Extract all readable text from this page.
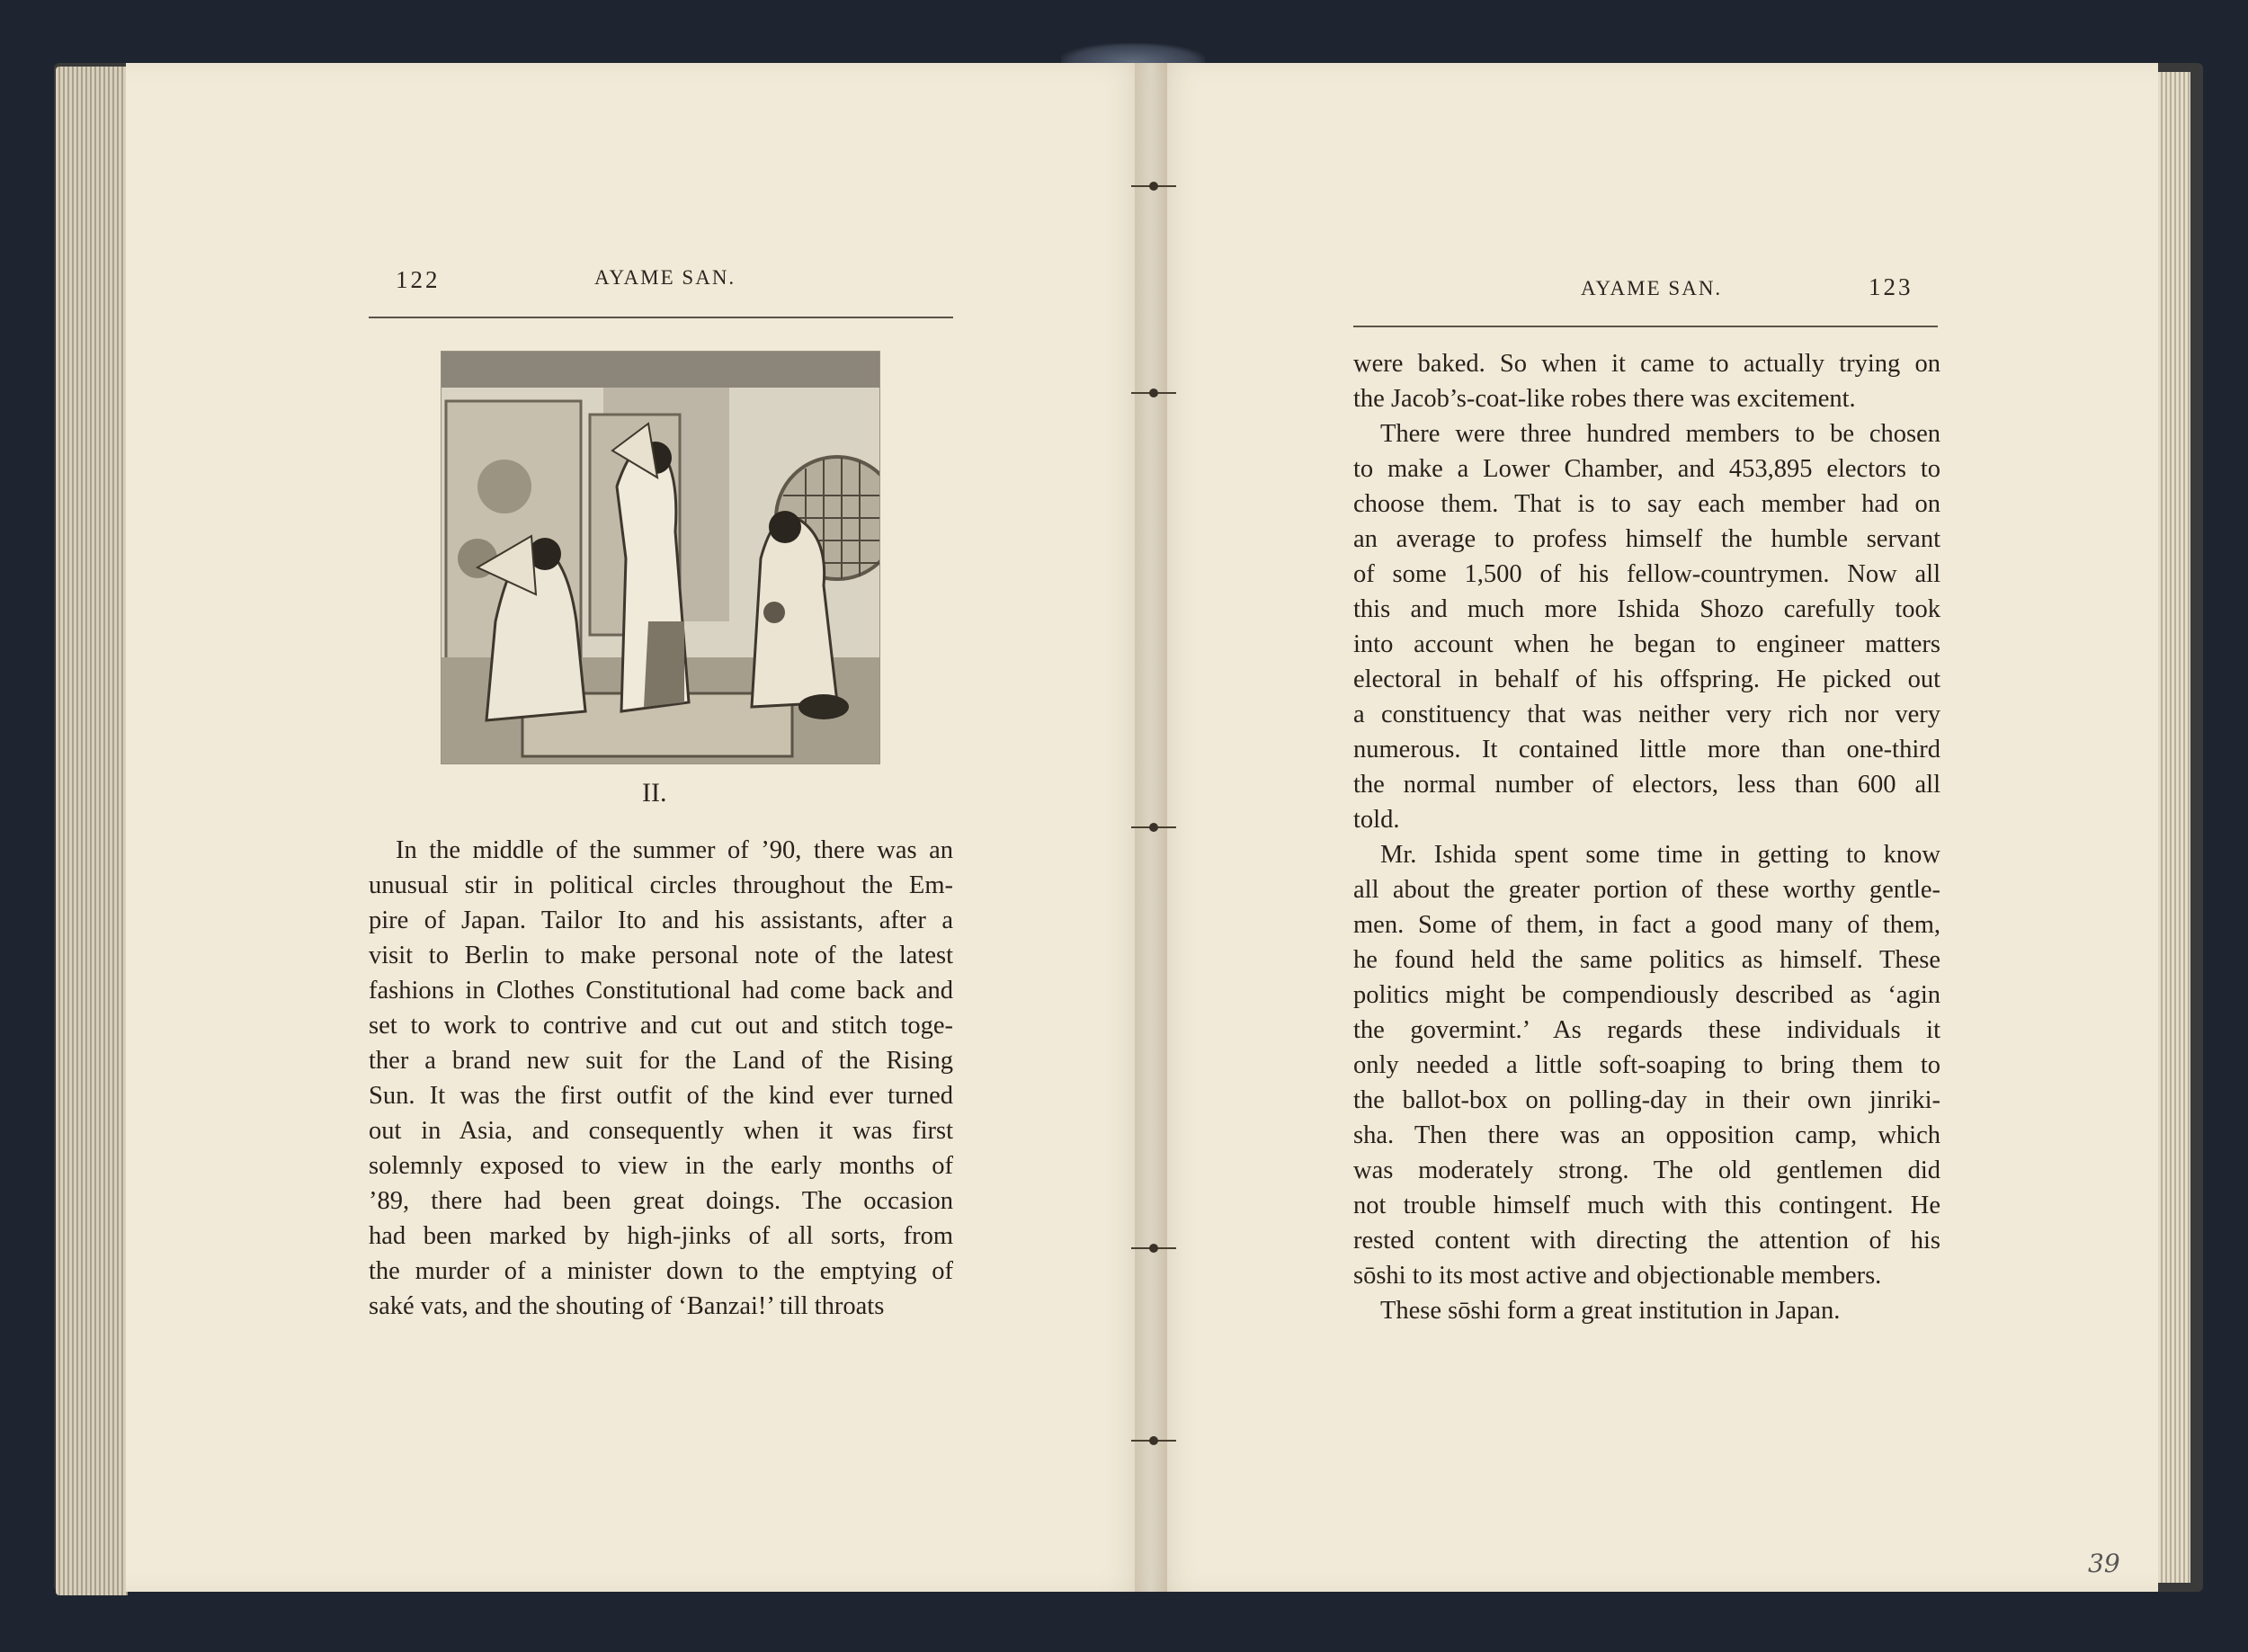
122	AYAME SAN.
II.
In the middle of the summer of ’90, there was an
unusual stir in political circles throughout the Em-
pire of Japan. Tailor Ito and his assistants, after a
visit to Berlin to make personal note of the latest
fashions in Clothes Constitutional had come back and
set to work to contrive and cut out and stitch toge-
ther a brand new suit for the Land of the Rising
Sun. It was the first outfit of the kind ever turned
out in Asia, and consequently when it was first
solemnly exposed to view in the early months of
’89, there had been great doings. The occasion
had been marked by high-jinks of all sorts, from
the murder of a minister down to the emptying of
saké vats, and the shouting of ‘Banzai!’ till throats
AYAME SAN.	123
were baked. So when it came to actually trying on
the Jacob’s-coat-like robes there was excitement.
There were three hundred members to be chosen
to make a Lower Chamber, and 453,895 electors to
choose them. That is to say each member had on
an average to profess himself the humble servant
of some 1,500 of his fellow-countrymen. Now all
this and much more Ishida Shozo carefully took
into account when he began to engineer matters
electoral in behalf of his offspring. He picked out
a constituency that was neither very rich nor very
numerous. It contained little more than one-third
the normal number of electors, less than 600 all
told.
Mr. Ishida spent some time in getting to know
all about the greater portion of these worthy gentle-
men. Some of them, in fact a good many of them,
he found held the same politics as himself. These
politics might be compendiously described as ‘agin
the govermint.’ As regards these individuals it
only needed a little soft-soaping to bring them to
the ballot-box on polling-day in their own jinriki-
sha. Then there was an opposition camp, which
was moderately strong. The old gentlemen did
not trouble himself much with this contingent. He
rested content with directing the attention of his
sōshi to its most active and objectionable members.
These sōshi form a great institution in Japan.
39
